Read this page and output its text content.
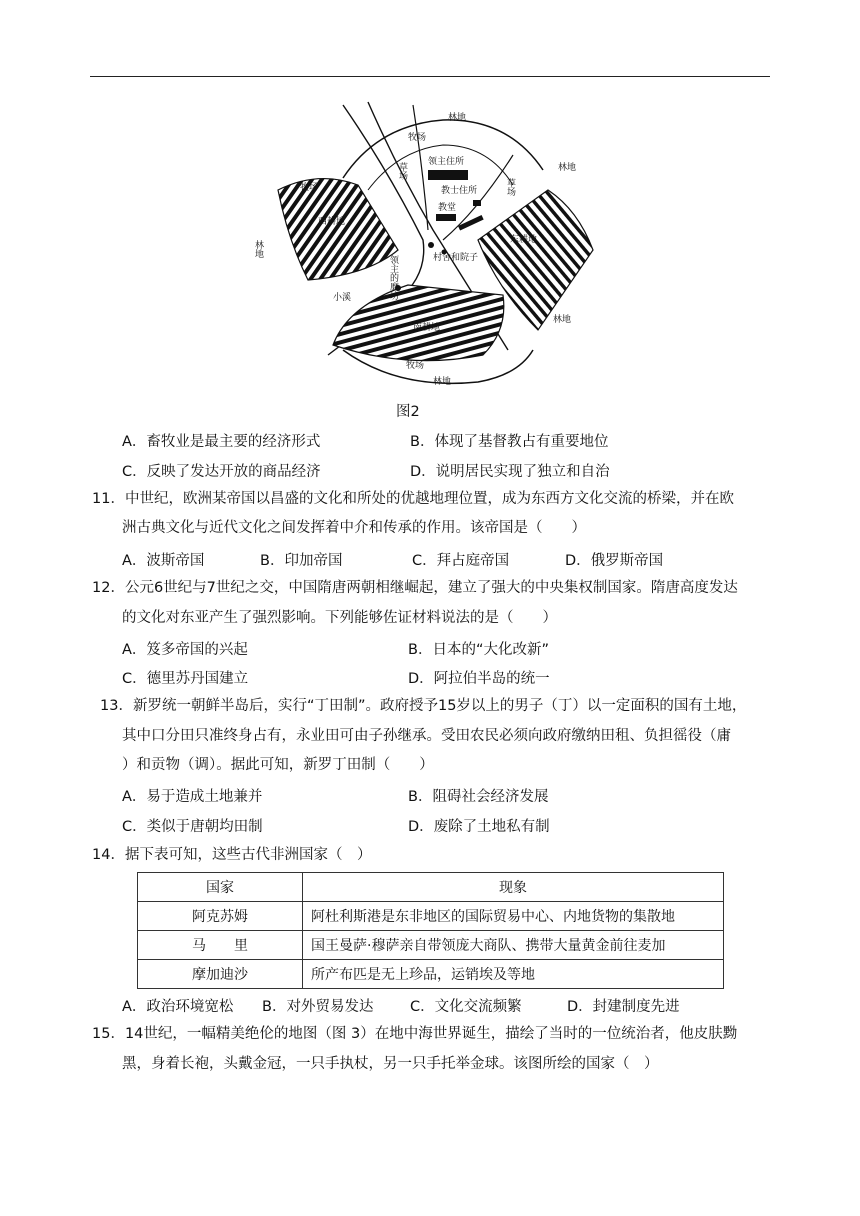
林地
牧场
领主住所
教士住所
教堂
草场
草场
牧场
林地
林地
西耕地
东耕地
村舍和院子
领主的磨坊
小溪
林地
南耕地
牧场
林地
图2
A．畜牧业是最主要的经济形式	B．体现了基督教占有重要地位
C．反映了发达开放的商品经济	D．说明居民实现了独立和自治
11．中世纪，欧洲某帝国以昌盛的文化和所处的优越地理位置，成为东西方文化交流的桥梁，并在欧
洲古典文化与近代文化之间发挥着中介和传承的作用。该帝国是（　　）
A．波斯帝国	B．印加帝国	C．拜占庭帝国	D．俄罗斯帝国
12．公元6世纪与7世纪之交，中国隋唐两朝相继崛起，建立了强大的中央集权制国家。隋唐高度发达
的文化对东亚产生了强烈影响。下列能够佐证材料说法的是（　　）
A．笈多帝国的兴起	B．日本的“大化改新”
C．德里苏丹国建立	D．阿拉伯半岛的统一
13．新罗统一朝鲜半岛后，实行“丁田制”。政府授予15岁以上的男子（丁）以一定面积的国有土地，
其中口分田只准终身占有，永业田可由子孙继承。受田农民必须向政府缴纳田租、负担徭役（庸
）和贡物（调）。据此可知，新罗丁田制（　　）
A．易于造成土地兼并	B．阻碍社会经济发展
C．类似于唐朝均田制	D．废除了土地私有制
14．据下表可知，这些古代非洲国家（　）
国家	现象
阿克苏姆	阿杜利斯港是东非地区的国际贸易中心、内地货物的集散地
马　　里	国王曼萨·穆萨亲自带领庞大商队、携带大量黄金前往麦加
摩加迪沙	所产布匹是无上珍品，运销埃及等地
A．政治环境宽松 B．对外贸易发达	C．文化交流频繁	D．封建制度先进
15．14世纪，一幅精美绝伦的地图（图 3）在地中海世界诞生，描绘了当时的一位统治者，他皮肤黝
黑，身着长袍，头戴金冠，一只手执杖，另一只手托举金球。该图所绘的国家（　）
